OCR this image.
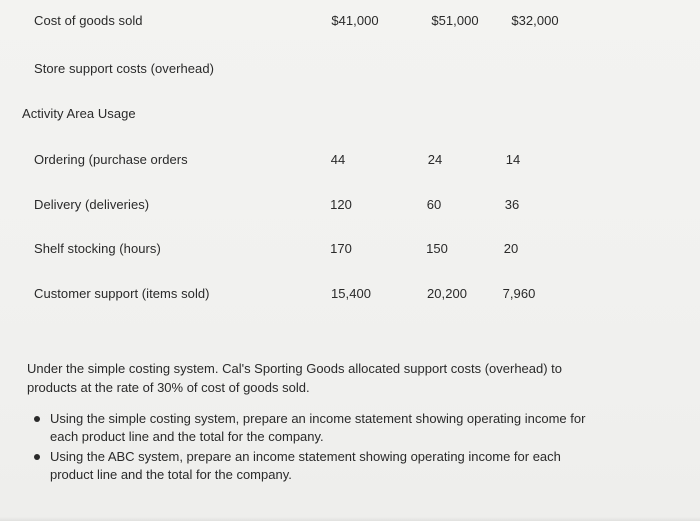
Cost of goods sold	$41,000	$51,000	$32,000
Store support costs (overhead)
Activity Area Usage
Ordering (purchase orders	44	24	14
Delivery (deliveries)	120	60	36
Shelf stocking (hours)	170	150	20
Customer support (items sold)	15,400	20,200	7,960
Under the simple costing system. Cal's Sporting Goods allocated support costs (overhead) to products at the rate of 30% of cost of goods sold.
Using the simple costing system, prepare an income statement showing operating income for each product line and the total for the company.
Using the ABC system, prepare an income statement showing operating income for each product line and the total for the company.
